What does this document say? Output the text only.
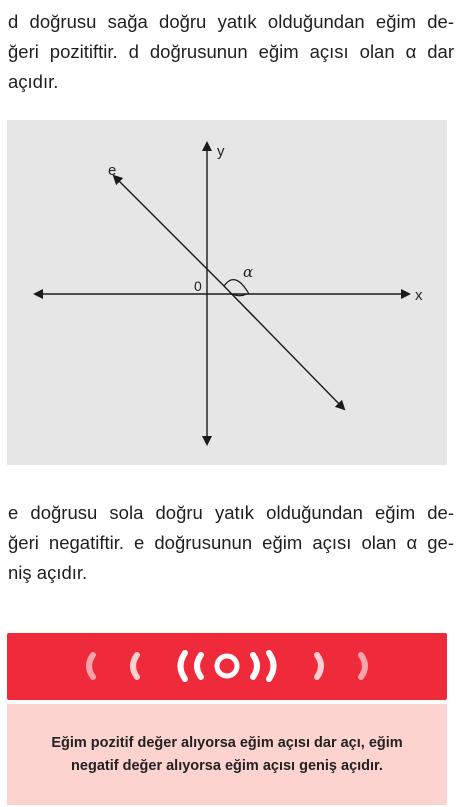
d doğrusu sağa doğru yatık olduğundan eğim de-
ğeri pozitiftir. d doğrusunun eğim açısı olan α dar
açıdır.
y
x
0
e
α
e doğrusu sola doğru yatık olduğundan eğim de-
ğeri negatiftir. e doğrusunun eğim açısı olan α ge-
niş açıdır.
Eğim pozitif değer alıyorsa eğim açısı dar açı, eğim
negatif değer alıyorsa eğim açısı geniş açıdır.
